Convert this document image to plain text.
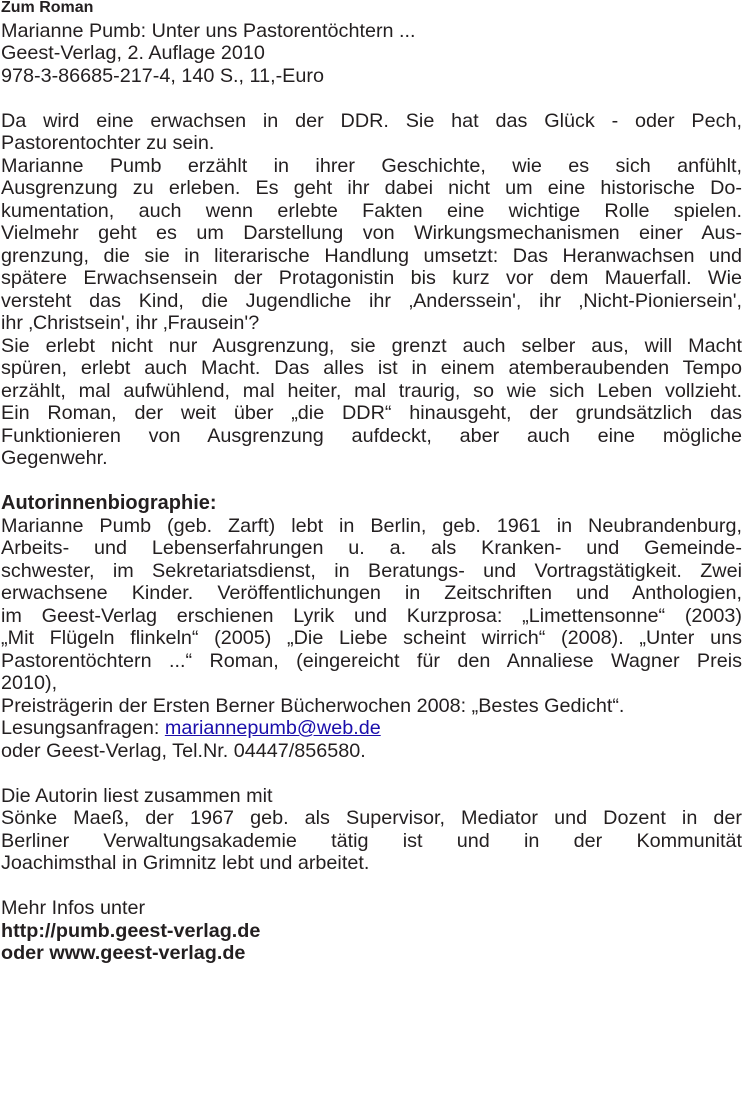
Zum Roman
Marianne Pumb: Unter uns Pastorentöchtern ...
Geest-Verlag, 2. Auflage 2010
978-3-86685-217-4, 140 S., 11,-Euro
Da wird eine erwachsen in der DDR. Sie hat das Glück - oder Pech,
Pastorentochter zu sein.
Marianne Pumb erzählt in ihrer Geschichte, wie es sich anfühlt,
Ausgrenzung zu erleben. Es geht ihr dabei nicht um eine historische Do-
kumentation, auch wenn erlebte Fakten eine wichtige Rolle spielen.
Vielmehr geht es um Darstellung von Wirkungsmechanismen einer Aus-
grenzung, die sie in literarische Handlung umsetzt: Das Heranwachsen und
spätere Erwachsensein der Protagonistin bis kurz vor dem Mauerfall. Wie
versteht das Kind, die Jugendliche ihr ‚Anderssein', ihr ‚Nicht-Pioniersein',
ihr ‚Christsein', ihr ‚Frausein'?
Sie erlebt nicht nur Ausgrenzung, sie grenzt auch selber aus, will Macht
spüren, erlebt auch Macht. Das alles ist in einem atemberaubenden Tempo
erzählt, mal aufwühlend, mal heiter, mal traurig, so wie sich Leben vollzieht.
Ein Roman, der weit über „die DDR“ hinausgeht, der grundsätzlich das
Funktionieren von Ausgrenzung aufdeckt, aber auch eine mögliche
Gegenwehr.
Autorinnenbiographie:
Marianne Pumb (geb. Zarft) lebt in Berlin, geb. 1961 in Neubrandenburg,
Arbeits- und Lebenserfahrungen u. a. als Kranken- und Gemeinde-
schwester, im Sekretariatsdienst, in Beratungs- und Vortragstätigkeit. Zwei
erwachsene Kinder. Veröffentlichungen in Zeitschriften und Anthologien,
im Geest-Verlag erschienen Lyrik und Kurzprosa: „Limettensonne“ (2003)
„Mit Flügeln flinkeln“ (2005) „Die Liebe scheint wirrich“ (2008). „Unter uns
Pastorentöchtern ...“ Roman, (eingereicht für den Annaliese Wagner Preis
2010),
Preisträgerin der Ersten Berner Bücherwochen 2008: „Bestes Gedicht“.
Lesungsanfragen: mariannepumb@web.de
oder Geest-Verlag, Tel.Nr. 04447/856580.
Die Autorin liest zusammen mit
Sönke Maeß, der 1967 geb. als Supervisor, Mediator und Dozent in der
Berliner Verwaltungsakademie tätig ist und in der Kommunität
Joachimsthal in Grimnitz lebt und arbeitet.
Mehr Infos unter
http://pumb.geest-verlag.de
oder www.geest-verlag.de
